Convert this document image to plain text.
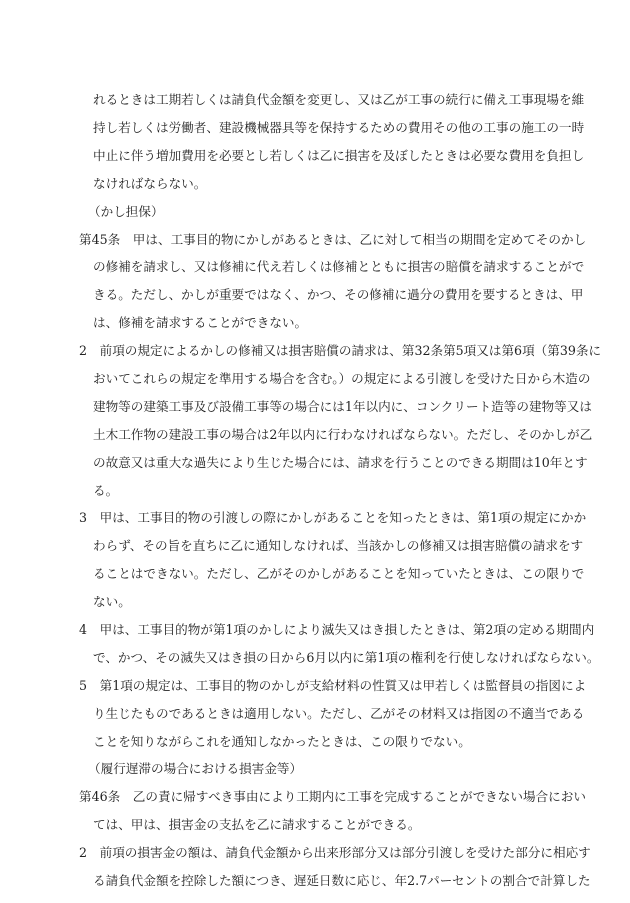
れるときは工期若しくは請負代金額を変更し、又は乙が工事の続行に備え工事現場を維
持し若しくは労働者、建設機械器具等を保持するための費用その他の工事の施工の一時
中止に伴う増加費用を必要とし若しくは乙に損害を及ぼしたときは必要な費用を負担し
なければならない。
（かし担保）
第45条　甲は、工事目的物にかしがあるときは、乙に対して相当の期間を定めてそのかし
の修補を請求し、又は修補に代え若しくは修補とともに損害の賠償を請求することがで
きる。ただし、かしが重要ではなく、かつ、その修補に過分の費用を要するときは、甲
は、修補を請求することができない。
2　前項の規定によるかしの修補又は損害賠償の請求は、第32条第5項又は第6項（第39条に
おいてこれらの規定を準用する場合を含む。）の規定による引渡しを受けた日から木造の
建物等の建築工事及び設備工事等の場合には1年以内に、コンクリート造等の建物等又は
土木工作物の建設工事の場合は2年以内に行わなければならない。ただし、そのかしが乙
の故意又は重大な過失により生じた場合には、請求を行うことのできる期間は10年とす
る。
3　甲は、工事目的物の引渡しの際にかしがあることを知ったときは、第1項の規定にかか
わらず、その旨を直ちに乙に通知しなければ、当該かしの修補又は損害賠償の請求をす
ることはできない。ただし、乙がそのかしがあることを知っていたときは、この限りで
ない。
4　甲は、工事目的物が第1項のかしにより滅失又はき損したときは、第2項の定める期間内
で、かつ、その滅失又はき損の日から6月以内に第1項の権利を行使しなければならない。
5　第1項の規定は、工事目的物のかしが支給材料の性質又は甲若しくは監督員の指図によ
り生じたものであるときは適用しない。ただし、乙がその材料又は指図の不適当である
ことを知りながらこれを通知しなかったときは、この限りでない。
（履行遅滞の場合における損害金等）
第46条　乙の責に帰すべき事由により工期内に工事を完成することができない場合におい
ては、甲は、損害金の支払を乙に請求することができる。
2　前項の損害金の額は、請負代金額から出来形部分又は部分引渡しを受けた部分に相応す
る請負代金額を控除した額につき、遅延日数に応じ、年2.7パーセントの割合で計算した
